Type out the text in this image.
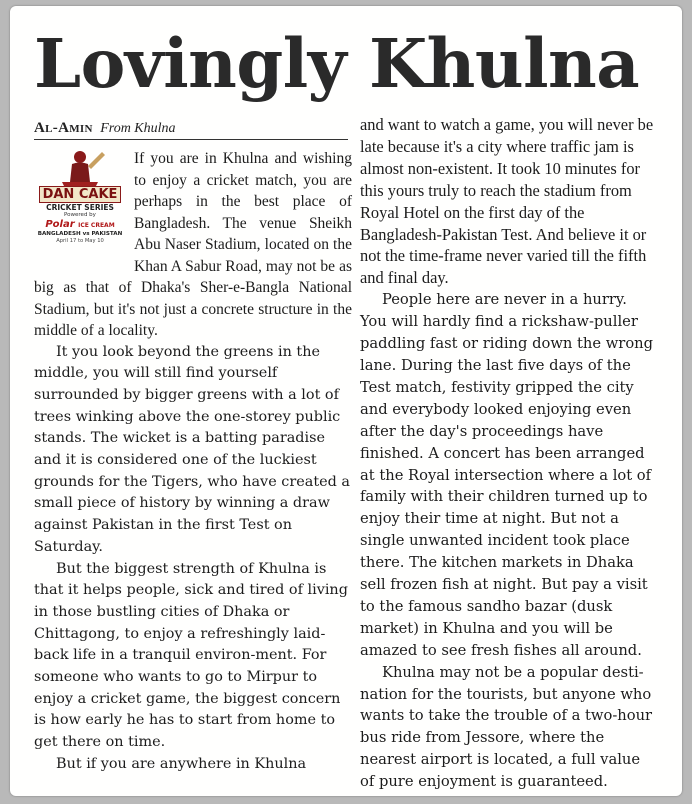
Lovingly Khulna
Al-Amin From Khulna
DAN CAKE
CRICKET SERIES
Powered by
Polar ICE CREAM
BANGLADESH vs PAKISTAN
April 17 to May 10

If you are in Khulna and wishing to enjoy a cricket match, you are perhaps in the best place of Bangladesh. The venue Sheikh Abu Naser Stadium, located on the Khan A Sabur Road, may not be as big as that of Dhaka's Sher-e-Bangla National Stadium, but it's not just a concrete structure in the middle of a locality.

It you look beyond the greens in the middle, you will still find yourself surrounded by bigger greens with a lot of trees winking above the one-storey public stands. The wicket is a batting paradise and it is considered one of the luckiest grounds for the Tigers, who have created a small piece of history by winning a draw against Pakistan in the first Test on Saturday.

But the biggest strength of Khulna is that it helps people, sick and tired of living in those bustling cities of Dhaka or Chittagong, to enjoy a refreshingly laid-back life in a tranquil environ-ment. For someone who wants to go to Mirpur to enjoy a cricket game, the biggest concern is how early he has to start from home to get there on time.

But if you are anywhere in Khulna

and want to watch a game, you will never be late because it's a city where traffic jam is almost non-existent. It took 10 minutes for this yours truly to reach the stadium from Royal Hotel on the first day of the Bangladesh-Pakistan Test. And believe it or not the time-frame never varied till the fifth and final day.

People here are never in a hurry. You will hardly find a rickshaw-puller paddling fast or riding down the wrong lane. During the last five days of the Test match, festivity gripped the city and everybody looked enjoying even after the day's proceedings have finished. A concert has been arranged at the Royal intersection where a lot of family with their children turned up to enjoy their time at night. But not a single unwanted incident took place there. The kitchen markets in Dhaka sell frozen fish at night. But pay a visit to the famous sandho bazar (dusk market) in Khulna and you will be amazed to see fresh fishes all around.

Khulna may not be a popular desti-nation for the tourists, but anyone who wants to take the trouble of a two-hour bus ride from Jessore, where the nearest airport is located, a full value of pure enjoyment is guaranteed.
